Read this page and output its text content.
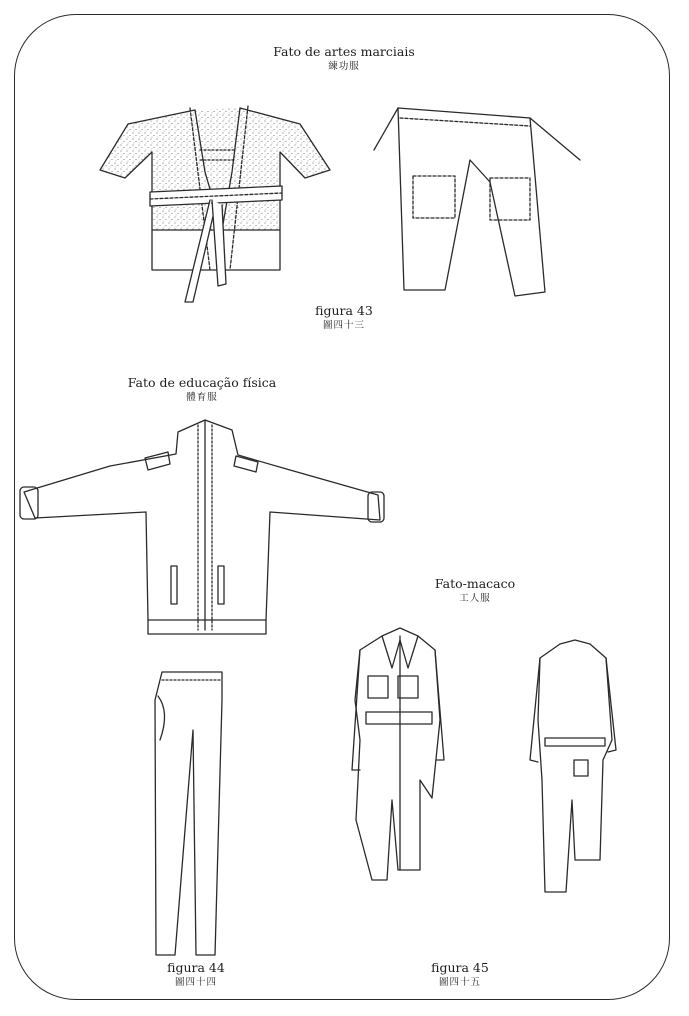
Fato de artes marciais
練功服
figura 43
圖四十三
Fato de educação física
體育服
figura 44
圖四十四
Fato-macaco
工人服
figura 45
圖四十五
